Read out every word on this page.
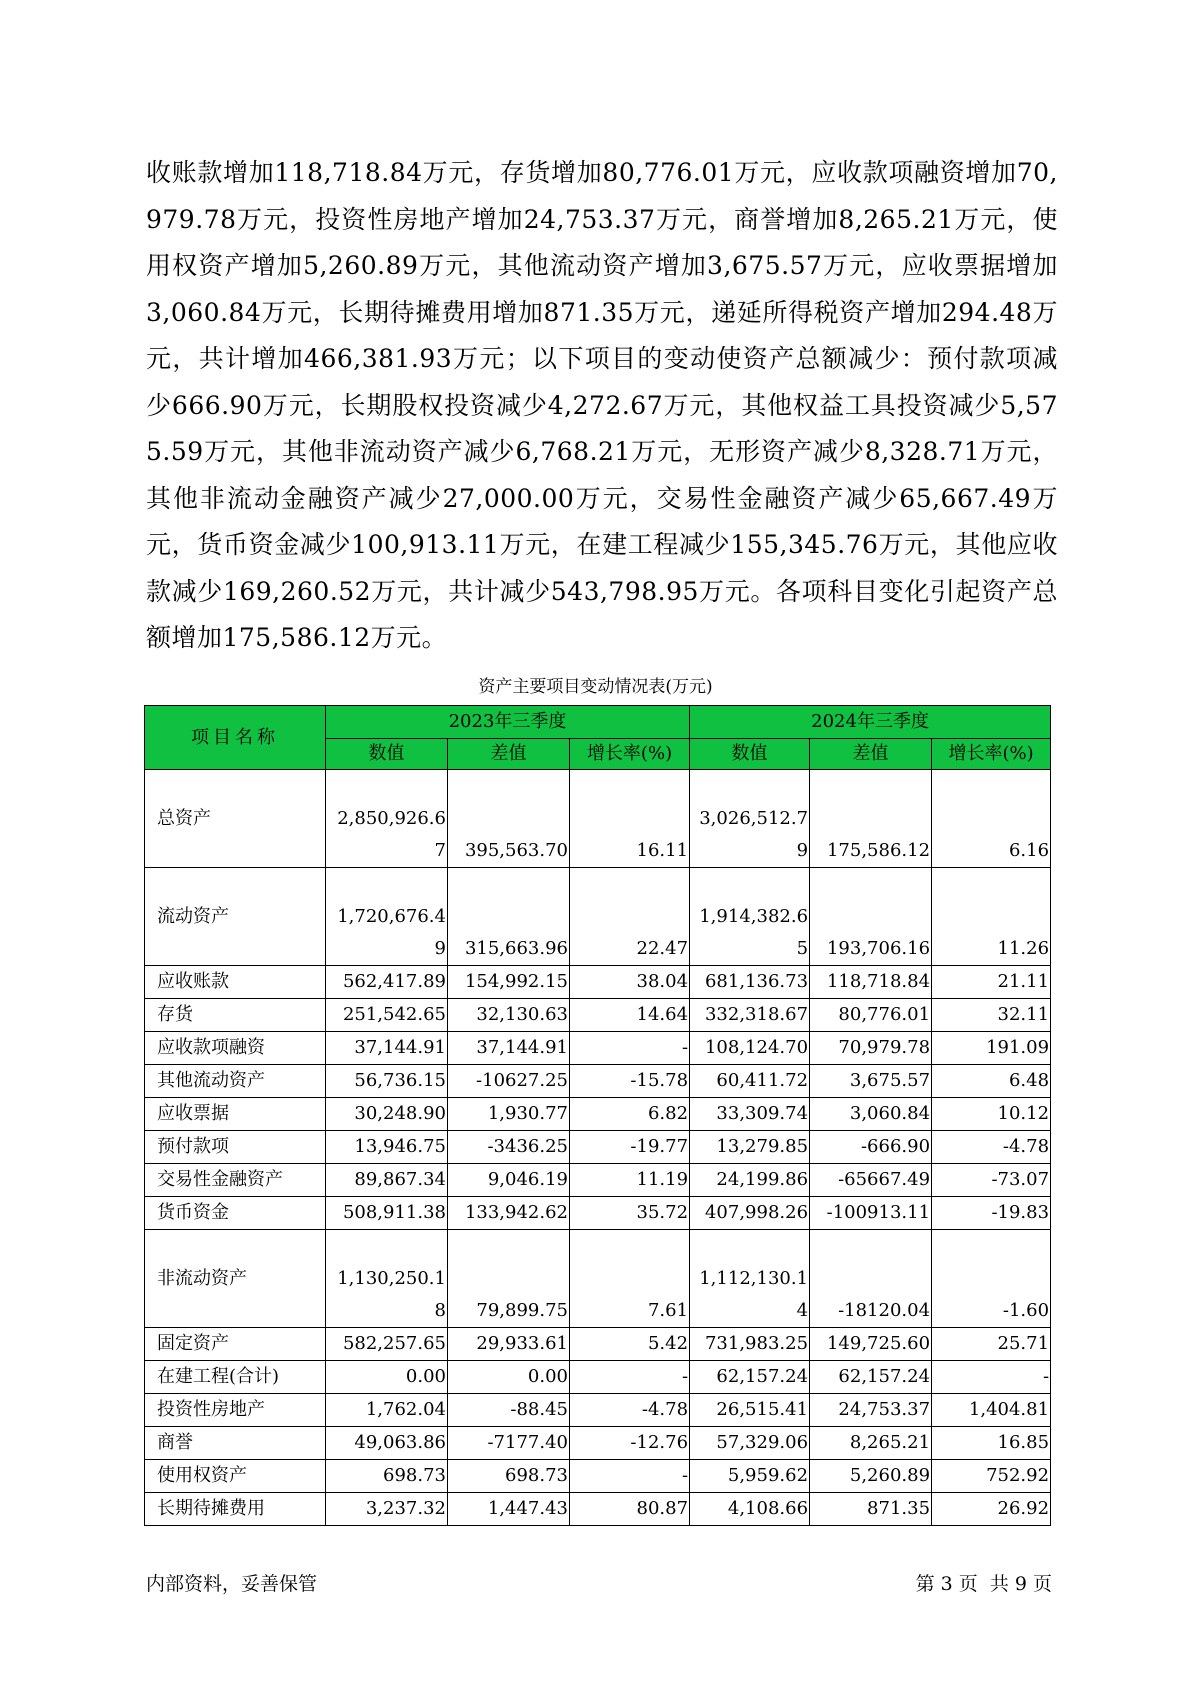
收账款增加118,718.84万元，存货增加80,776.01万元，应收款项融资增加70,979.78万元，投资性房地产增加24,753.37万元，商誉增加8,265.21万元，使用权资产增加5,260.89万元，其他流动资产增加3,675.57万元，应收票据增加3,060.84万元，长期待摊费用增加871.35万元，递延所得税资产增加294.48万元，共计增加466,381.93万元；以下项目的变动使资产总额减少：预付款项减少666.90万元，长期股权投资减少4,272.67万元，其他权益工具投资减少5,575.59万元，其他非流动资产减少6,768.21万元，无形资产减少8,328.71万元，其他非流动金融资产减少27,000.00万元，交易性金融资产减少65,667.49万元，货币资金减少100,913.11万元，在建工程减少155,345.76万元，其他应收款减少169,260.52万元，共计减少543,798.95万元。各项科目变化引起资产总额增加175,586.12万元。

资产主要项目变动情况表(万元)
项目名称	2023年三季度			2024年三季度		
	数值	差值	增长率(%)	数值	差值	增长率(%)
总资产	2,850,926.67	395,563.70	16.11	3,026,512.79	175,586.12	6.16
流动资产	1,720,676.49	315,663.96	22.47	1,914,382.65	193,706.16	11.26
应收账款	562,417.89	154,992.15	38.04	681,136.73	118,718.84	21.11
存货	251,542.65	32,130.63	14.64	332,318.67	80,776.01	32.11
应收款项融资	37,144.91	37,144.91	-	108,124.70	70,979.78	191.09
其他流动资产	56,736.15	-10627.25	-15.78	60,411.72	3,675.57	6.48
应收票据	30,248.90	1,930.77	6.82	33,309.74	3,060.84	10.12
预付款项	13,946.75	-3436.25	-19.77	13,279.85	-666.90	-4.78
交易性金融资产	89,867.34	9,046.19	11.19	24,199.86	-65667.49	-73.07
货币资金	508,911.38	133,942.62	35.72	407,998.26	-100913.11	-19.83
非流动资产	1,130,250.18	79,899.75	7.61	1,112,130.14	-18120.04	-1.60
固定资产	582,257.65	29,933.61	5.42	731,983.25	149,725.60	25.71
在建工程(合计)	0.00	0.00	-	62,157.24	62,157.24	-
投资性房地产	1,762.04	-88.45	-4.78	26,515.41	24,753.37	1,404.81
商誉	49,063.86	-7177.40	-12.76	57,329.06	8,265.21	16.85
使用权资产	698.73	698.73	-	5,959.62	5,260.89	752.92
长期待摊费用	3,237.32	1,447.43	80.87	4,108.66	871.35	26.92
内部资料，妥善保管	第 3 页  共 9 页
